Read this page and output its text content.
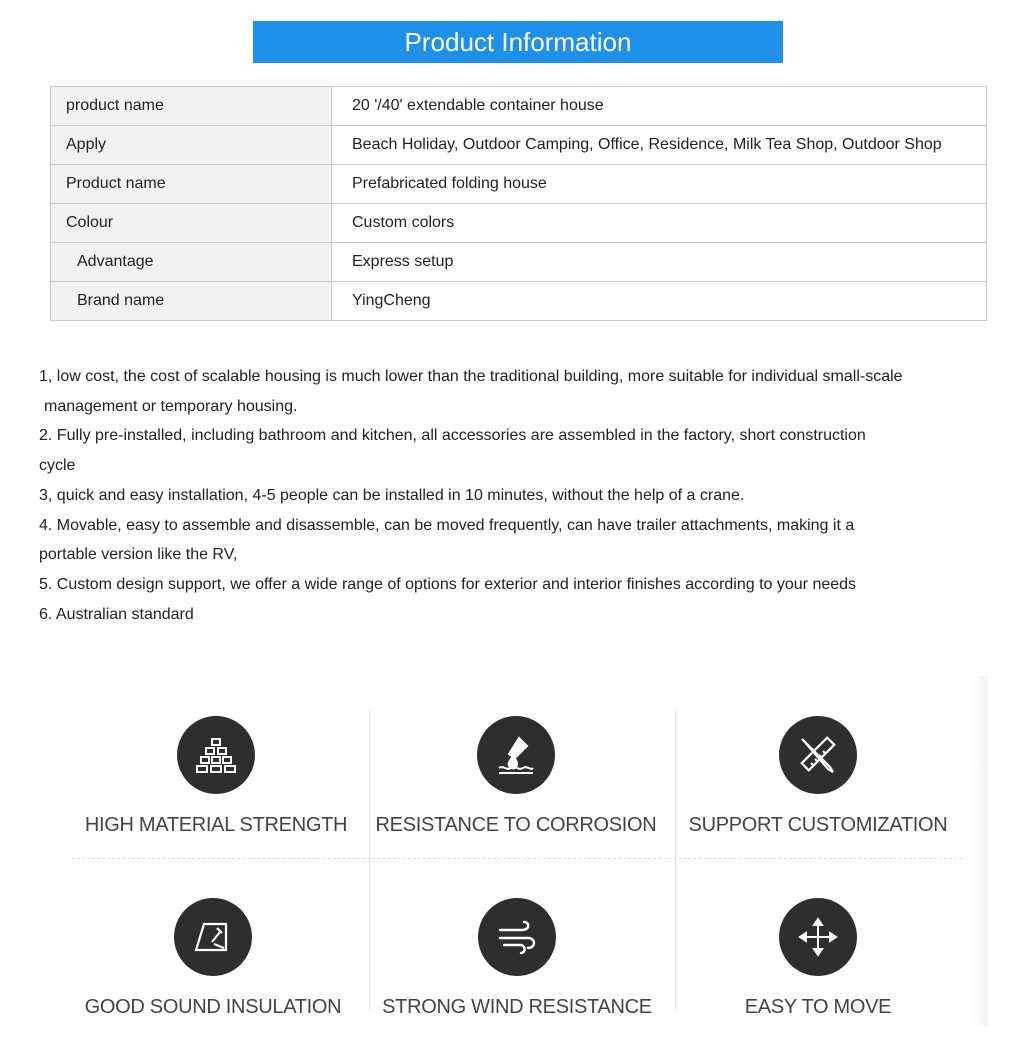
Product Information
product name	20 '/40' extendable container house
Apply	Beach Holiday, Outdoor Camping, Office, Residence, Milk Tea Shop, Outdoor Shop
Product name	Prefabricated folding house
Colour	Custom colors
Advantage	Express setup
Brand name	YingCheng

1, low cost, the cost of scalable housing is much lower than the traditional building, more suitable for individual small-scale
management or temporary housing.

2. Fully pre-installed, including bathroom and kitchen, all accessories are assembled in the factory, short construction
cycle

3, quick and easy installation, 4-5 people can be installed in 10 minutes, without the help of a crane.

4. Movable, easy to assemble and disassemble, can be moved frequently, can have trailer attachments, making it a
portable version like the RV,

5. Custom design support, we offer a wide range of options for exterior and interior finishes according to your needs

6. Australian standard

HIGH MATERIAL STRENGTH	RESISTANCE TO CORROSION	SUPPORT CUSTOMIZATION
GOOD SOUND INSULATION	STRONG WIND RESISTANCE	EASY TO MOVE
